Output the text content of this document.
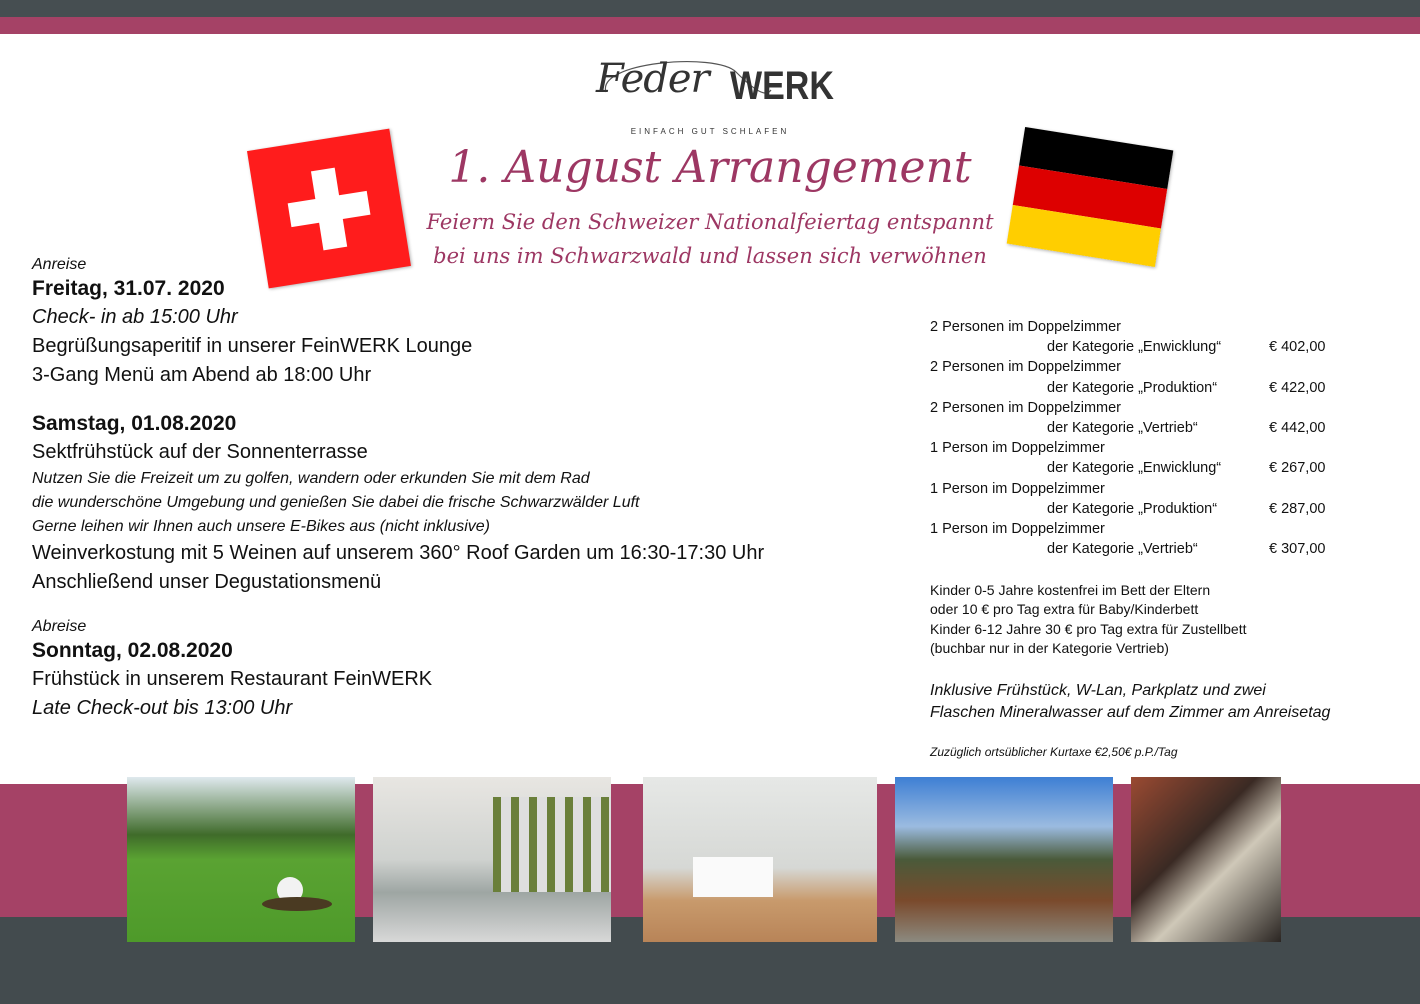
Feder WERK
EINFACH GUT SCHLAFEN
1. August Arrangement
Feiern Sie den Schweizer Nationalfeiertag entspannt
bei uns im Schwarzwald und lassen sich verwöhnen
Anreise
Freitag, 31.07. 2020
Check- in ab 15:00 Uhr
Begrüßungsaperitif in unserer FeinWERK Lounge
3-Gang Menü am Abend ab 18:00 Uhr
Samstag, 01.08.2020
Sektfrühstück auf der Sonnenterrasse
Nutzen Sie die Freizeit um zu golfen, wandern oder erkunden Sie mit dem Rad
die wunderschöne Umgebung und genießen Sie dabei die frische Schwarzwälder Luft
Gerne leihen wir Ihnen auch unsere E-Bikes aus (nicht inklusive)
Weinverkostung mit 5 Weinen auf unserem 360° Roof Garden um 16:30-17:30 Uhr
Anschließend unser Degustationsmenü
Abreise
Sonntag, 02.08.2020
Frühstück in unserem Restaurant FeinWERK
Late Check-out bis 13:00 Uhr
2 Personen im Doppelzimmer
der Kategorie „Enwicklung“	€ 402,00
2 Personen im Doppelzimmer
der Kategorie „Produktion“	€ 422,00
2 Personen im Doppelzimmer
der Kategorie „Vertrieb“	€ 442,00
1 Person im Doppelzimmer
der Kategorie „Enwicklung“	€ 267,00
1 Person im Doppelzimmer
der Kategorie „Produktion“	€ 287,00
1 Person im Doppelzimmer
der Kategorie „Vertrieb“	€ 307,00
Kinder 0-5 Jahre kostenfrei im Bett der Eltern
oder 10 € pro Tag extra für Baby/Kinderbett
Kinder 6-12 Jahre 30 € pro Tag extra für Zustellbett
(buchbar nur in der Kategorie Vertrieb)
Inklusive Frühstück, W-Lan, Parkplatz und zwei
Flaschen Mineralwasser auf dem Zimmer am Anreisetag
Zuzüglich ortsüblicher Kurtaxe €2,50€ p.P./Tag
